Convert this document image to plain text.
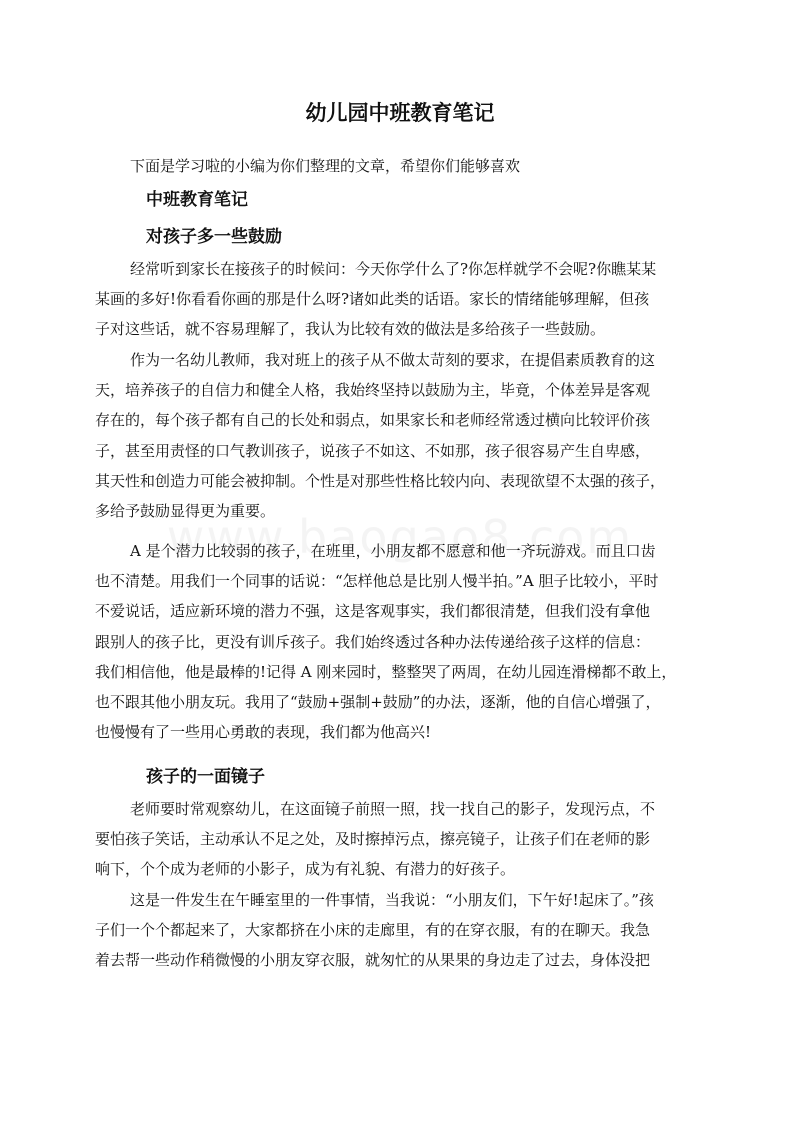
幼儿园中班教育笔记
下面是学习啦的小编为你们整理的文章，希望你们能够喜欢
中班教育笔记
对孩子多一些鼓励
经常听到家长在接孩子的时候问：今天你学什么了?你怎样就学不会呢?你瞧某某
某画的多好!你看看你画的那是什么呀?诸如此类的话语。家长的情绪能够理解，但孩
子对这些话，就不容易理解了，我认为比较有效的做法是多给孩子一些鼓励。
作为一名幼儿教师，我对班上的孩子从不做太苛刻的要求，在提倡素质教育的这
天，培养孩子的自信力和健全人格，我始终坚持以鼓励为主，毕竟，个体差异是客观
存在的，每个孩子都有自己的长处和弱点，如果家长和老师经常透过横向比较评价孩
子，甚至用责怪的口气教训孩子，说孩子不如这、不如那，孩子很容易产生自卑感，
其天性和创造力可能会被抑制。个性是对那些性格比较内向、表现欲望不太强的孩子，
多给予鼓励显得更为重要。
A 是个潜力比较弱的孩子，在班里，小朋友都不愿意和他一齐玩游戏。而且口齿
也不清楚。用我们一个同事的话说：“怎样他总是比别人慢半拍。”A 胆子比较小，平时
不爱说话，适应新环境的潜力不强，这是客观事实，我们都很清楚，但我们没有拿他
跟别人的孩子比，更没有训斥孩子。我们始终透过各种办法传递给孩子这样的信息：
我们相信他，他是最棒的!记得 A 刚来园时，整整哭了两周，在幼儿园连滑梯都不敢上，
也不跟其他小朋友玩。我用了“鼓励+强制+鼓励”的办法，逐渐，他的自信心增强了，
也慢慢有了一些用心勇敢的表现，我们都为他高兴!
孩子的一面镜子
老师要时常观察幼儿，在这面镜子前照一照，找一找自己的影子，发现污点，不
要怕孩子笑话，主动承认不足之处，及时擦掉污点，擦亮镜子，让孩子们在老师的影
响下，个个成为老师的小影子，成为有礼貌、有潜力的好孩子。
这是一件发生在午睡室里的一件事情，当我说：“小朋友们，下午好!起床了。”孩
子们一个个都起来了，大家都挤在小床的走廊里，有的在穿衣服，有的在聊天。我急
着去帮一些动作稍微慢的小朋友穿衣服，就匆忙的从果果的身边走了过去，身体没把
